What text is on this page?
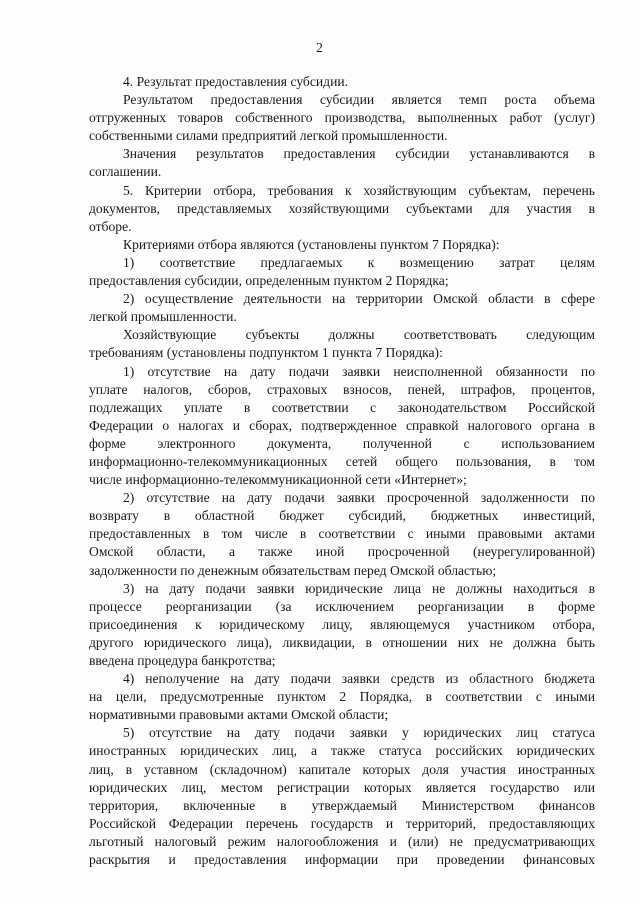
2
4. Результат предоставления субсидии.
Результатом предоставления субсидии является темп роста объема
отгруженных товаров собственного производства, выполненных работ (услуг)
собственными силами предприятий легкой промышленности.
Значения результатов предоставления субсидии устанавливаются в
соглашении.
5. Критерии отбора, требования к хозяйствующим субъектам, перечень
документов, представляемых хозяйствующими субъектами для участия в
отборе.
Критериями отбора являются (установлены пунктом 7 Порядка):
1) соответствие предлагаемых к возмещению затрат целям
предоставления субсидии, определенным пунктом 2 Порядка;
2) осуществление деятельности на территории Омской области в сфере
легкой промышленности.
Хозяйствующие субъекты должны соответствовать следующим
требованиям (установлены подпунктом 1 пункта 7 Порядка):
1) отсутствие на дату подачи заявки неисполненной обязанности по
уплате налогов, сборов, страховых взносов, пеней, штрафов, процентов,
подлежащих уплате в соответствии с законодательством Российской
Федерации о налогах и сборах, подтвержденное справкой налогового органа в
форме электронного документа, полученной с использованием
информационно-телекоммуникационных сетей общего пользования, в том
числе информационно-телекоммуникационной сети «Интернет»;
2) отсутствие на дату подачи заявки просроченной задолженности по
возврату в областной бюджет субсидий, бюджетных инвестиций,
предоставленных в том числе в соответствии с иными правовыми актами
Омской области, а также иной просроченной (неурегулированной)
задолженности по денежным обязательствам перед Омской областью;
3) на дату подачи заявки юридические лица не должны находиться в
процессе реорганизации (за исключением реорганизации в форме
присоединения к юридическому лицу, являющемуся участником отбора,
другого юридического лица), ликвидации, в отношении них не должна быть
введена процедура банкротства;
4) неполучение на дату подачи заявки средств из областного бюджета
на цели, предусмотренные пунктом 2 Порядка, в соответствии с иными
нормативными правовыми актами Омской области;
5) отсутствие на дату подачи заявки у юридических лиц статуса
иностранных юридических лиц, а также статуса российских юридических
лиц, в уставном (складочном) капитале которых доля участия иностранных
юридических лиц, местом регистрации которых является государство или
территория, включенные в утверждаемый Министерством финансов
Российской Федерации перечень государств и территорий, предоставляющих
льготный налоговый режим налогообложения и (или) не предусматривающих
раскрытия и предоставления информации при проведении финансовых
